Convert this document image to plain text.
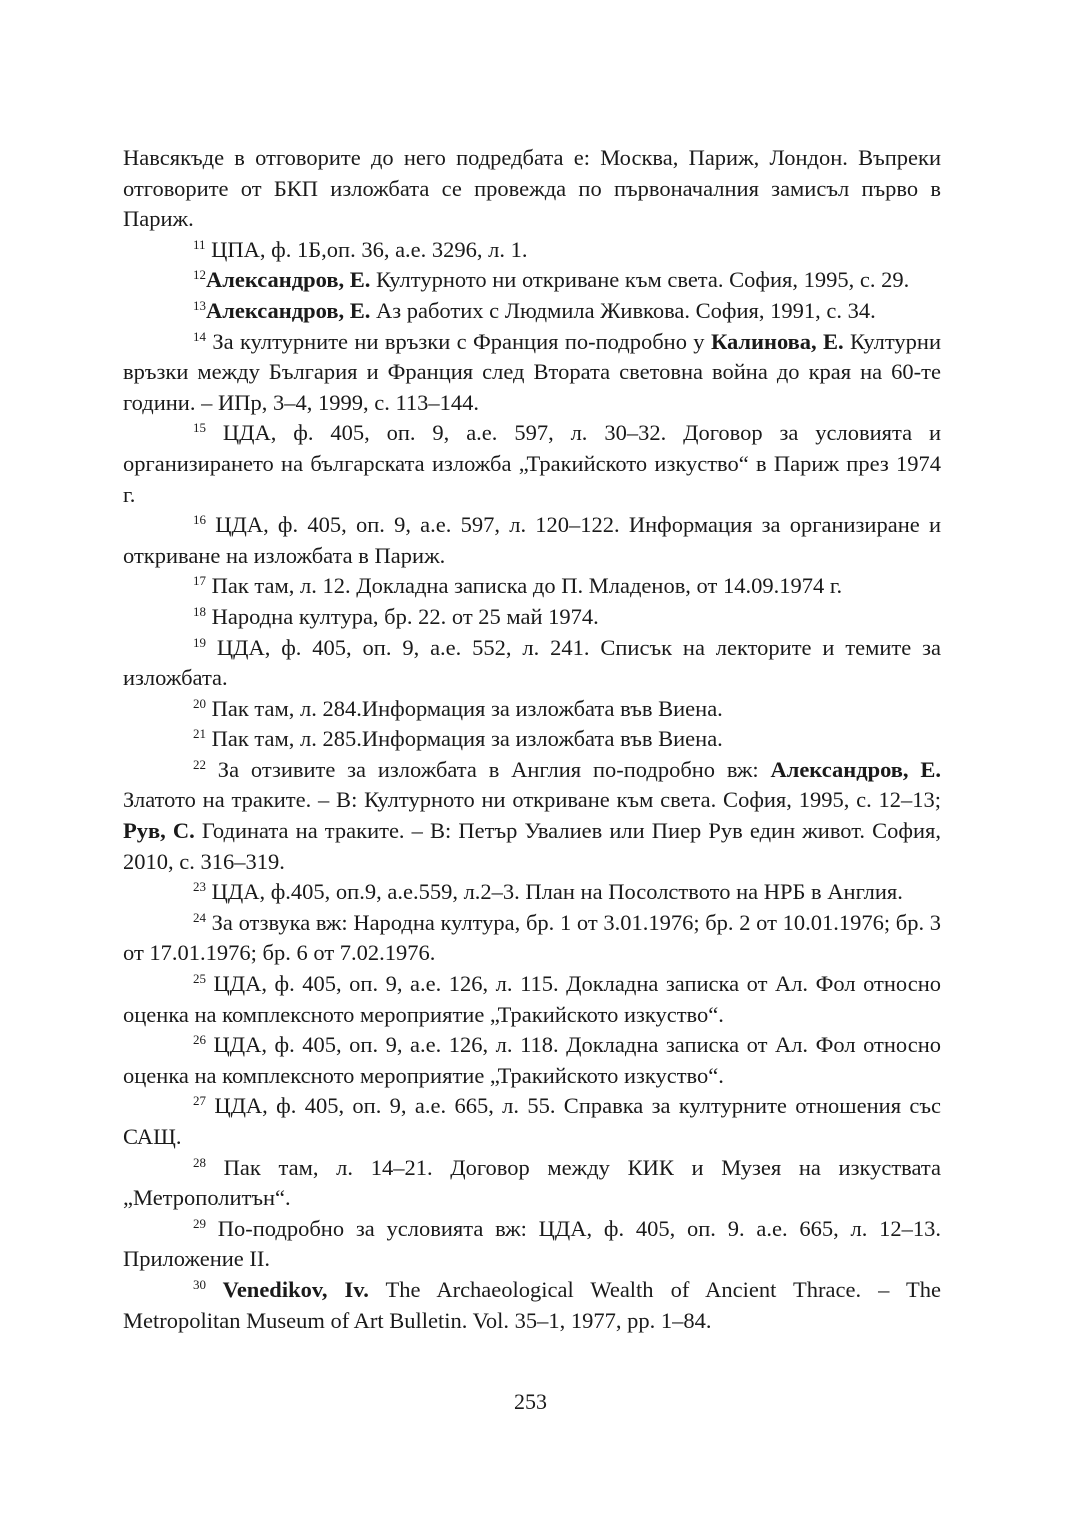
Навсякъде в отговорите до него подредбата е: Москва, Париж, Лондон. Въпреки отговорите от БКП изложбата се провежда по първоначалния замисъл първо в Париж.

$^{11}$ ЦПА, ф. 1Б,оп. 36, а.е. 3296, л. 1.

$^{12}$Александров, Е. Културното ни откриване към света. София, 1995, с. 29.

$^{13}$Александров, Е. Аз работих с Людмила Живкова. София, 1991, с. 34.

$^{14}$ За културните ни връзки с Франция по-подробно у Калинова, Е. Културни връзки между България и Франция след Втората световна война до края на 60-те години. – ИПр, 3–4, 1999, с. 113–144.

$^{15}$ ЦДА, ф. 405, оп. 9, а.е. 597, л. 30–32. Договор за условията и организирането на българската изложба „Тракийското изкуство“ в Париж през 1974 г.

$^{16}$ ЦДА, ф. 405, оп. 9, а.е. 597, л. 120–122. Информация за организиране и откриване на изложбата в Париж.

$^{17}$ Пак там, л. 12. Докладна записка до П. Младенов, от 14.09.1974 г.

$^{18}$ Народна култура, бр. 22. от 25 май 1974.

$^{19}$ ЦДА, ф. 405, оп. 9, а.е. 552, л. 241. Списък на лекторите и темите за изложбата.

$^{20}$ Пак там, л. 284.Информация за изложбата във Виена.

$^{21}$ Пак там, л. 285.Информация за изложбата във Виена.

$^{22}$ За отзивите за изложбата в Англия по-подробно вж: Александров, Е. Златото на траките. – В: Културното ни откриване към света. София, 1995, с. 12–13; Рув, С. Годината на траките. – В: Петър Увалиев или Пиер Рув един живот. София, 2010, с. 316–319.

$^{23}$ ЦДА, ф.405, оп.9, а.е.559, л.2–3. План на Посолството на НРБ в Англия.

$^{24}$ За отзвука вж: Народна култура, бр. 1 от 3.01.1976; бр. 2 от 10.01.1976; бр. 3 от 17.01.1976; бр. 6 от 7.02.1976.

$^{25}$ ЦДА, ф. 405, оп. 9, а.е. 126, л. 115. Докладна записка от Ал. Фол относно оценка на комплексното мероприятие „Тракийското изкуство“.

$^{26}$ ЦДА, ф. 405, оп. 9, а.е. 126, л. 118. Докладна записка от Ал. Фол относно оценка на комплексното мероприятие „Тракийското изкуство“.

$^{27}$ ЦДА, ф. 405, оп. 9, а.е. 665, л. 55. Справка за културните отношения със САЩ.

$^{28}$ Пак там, л. 14–21. Договор между КИК и Музея на изкуствата „Метрополитън“.

$^{29}$ По-подробно за условията вж: ЦДА, ф. 405, оп. 9. а.е. 665, л. 12–13. Приложение II.

$^{30}$ Venedikov, Iv. The Archaeological Wealth of Ancient Thrace. – The Metropolitan Museum of Art Bulletin. Vol. 35–1, 1977, pp. 1–84.

253
